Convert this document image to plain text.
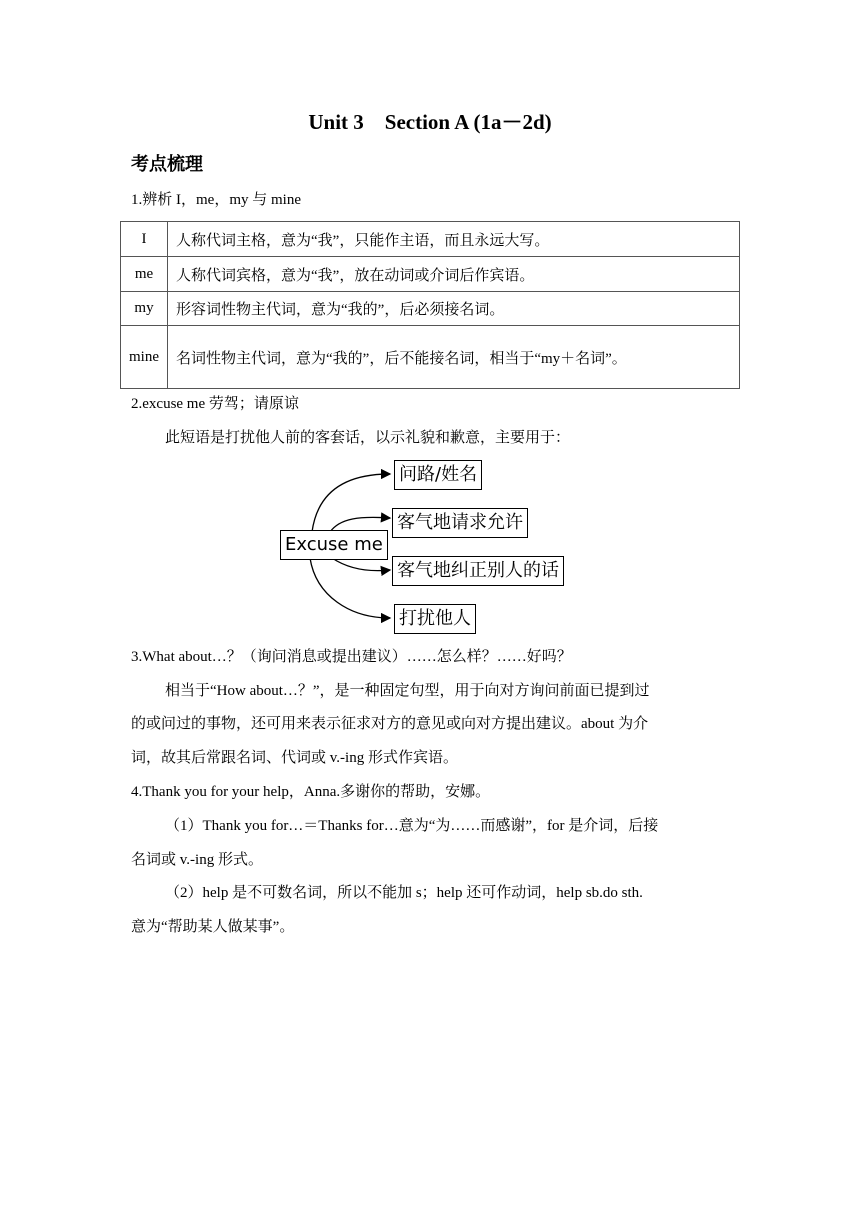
Unit 3    Section A (1a－2d)
考点梳理
1.辨析 I，me，my 与 mine
I	人称代词主格，意为“我”，只能作主语，而且永远大写。
me	人称代词宾格，意为“我”，放在动词或介词后作宾语。
my	形容词性物主代词，意为“我的”，后必须接名词。
mine	名词性物主代词，意为“我的”，后不能接名词，相当于“my＋名词”。
2.excuse me 劳驾；请原谅
此短语是打扰他人前的客套话，以示礼貌和歉意，主要用于：
Excuse me
问路/姓名
客气地请求允许
客气地纠正别人的话
打扰他人
3.What about…？（询问消息或提出建议）……怎么样？……好吗？
相当于“How about…？”，是一种固定句型，用于向对方询问前面已提到过
的或问过的事物，还可用来表示征求对方的意见或向对方提出建议。about 为介
词，故其后常跟名词、代词或 v.-ing 形式作宾语。
4.Thank you for your help，Anna.多谢你的帮助，安娜。
（1）Thank you for…＝Thanks for…意为“为……而感谢”，for 是介词，后接
名词或 v.-ing 形式。
（2）help 是不可数名词，所以不能加 s；help 还可作动词，help sb.do sth.
意为“帮助某人做某事”。
